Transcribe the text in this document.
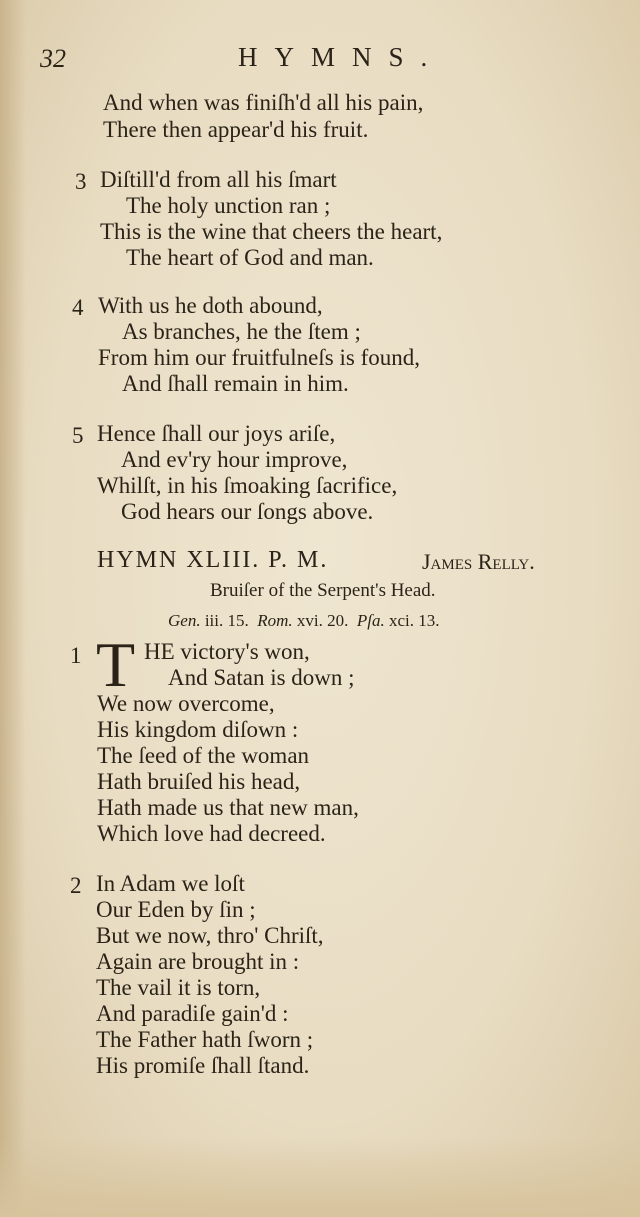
32	HYMNS.
And when was finiſh'd all his pain,
There then appear'd his fruit.
3 Diſtill'd from all his ſmart
The holy unction ran ;
This is the wine that cheers the heart,
The heart of God and man.
4 With us he doth abound,
As branches, he the ſtem ;
From him our fruitfulneſs is found,
And ſhall remain in him.
5 Hence ſhall our joys ariſe,
And ev'ry hour improve,
Whilſt, in his ſmoaking ſacrifice,
God hears our ſongs above.
HYMN XLIII. P. M.	James Relly.
Bruiſer of the Serpent's Head.
Gen. iii. 15. Rom. xvi. 20. Pſa. xci. 13.
1 T HE victory's won,
And Satan is down ;
We now overcome,
His kingdom diſown :
The ſeed of the woman
Hath bruiſed his head,
Hath made us that new man,
Which love had decreed.
2 In Adam we loſt
Our Eden by ſin ;
But we now, thro' Chriſt,
Again are brought in :
The vail it is torn,
And paradiſe gain'd :
The Father hath ſworn ;
His promiſe ſhall ſtand.
